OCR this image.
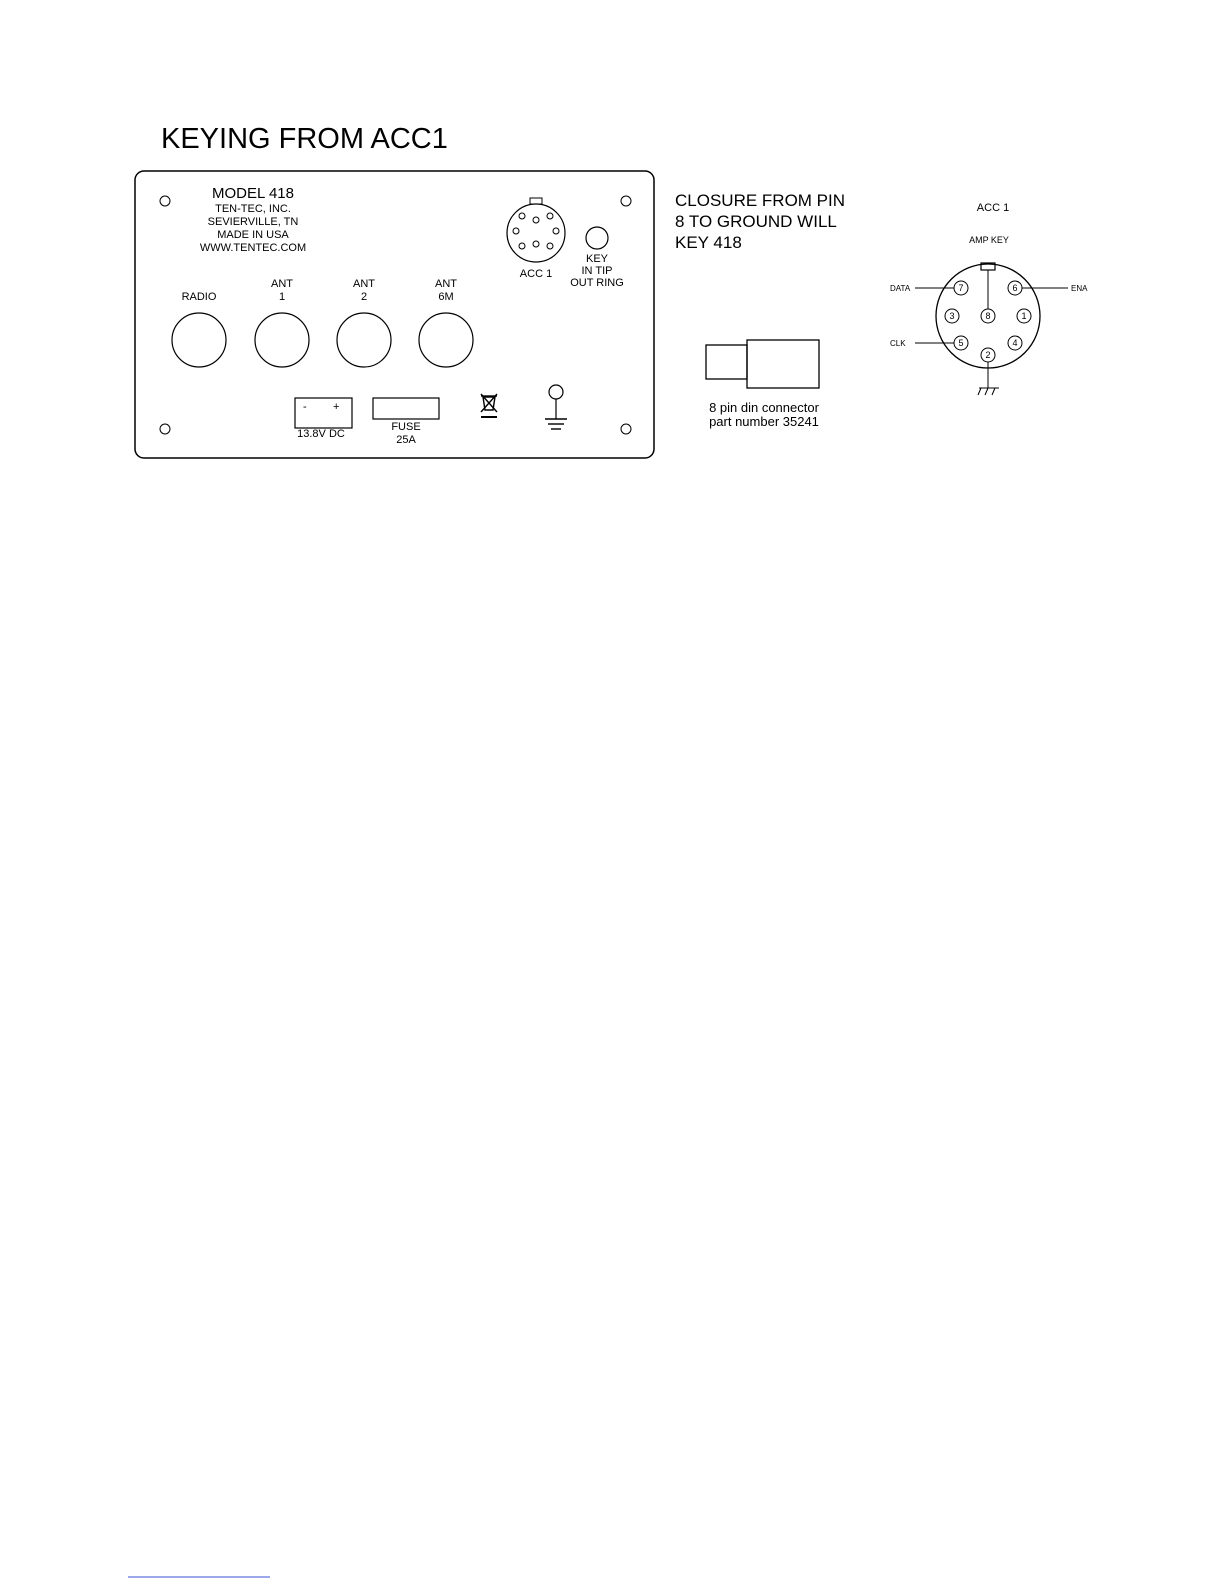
KEYING FROM ACC1
MODEL 418
TEN-TEC, INC.
SEVIERVILLE, TN
MADE IN USA
WWW.TENTEC.COM
ACC 1
KEY
IN TIP
OUT RING
RADIO
ANT
1
ANT
2
ANT
6M
- +
13.8V DC
FUSE
25A
CLOSURE FROM PIN
8 TO GROUND WILL
KEY 418
8 pin din connector
part number 35241
ACC 1
AMP KEY
DATA	ENA
CLK
7	6
3	8	1
5	4
2
